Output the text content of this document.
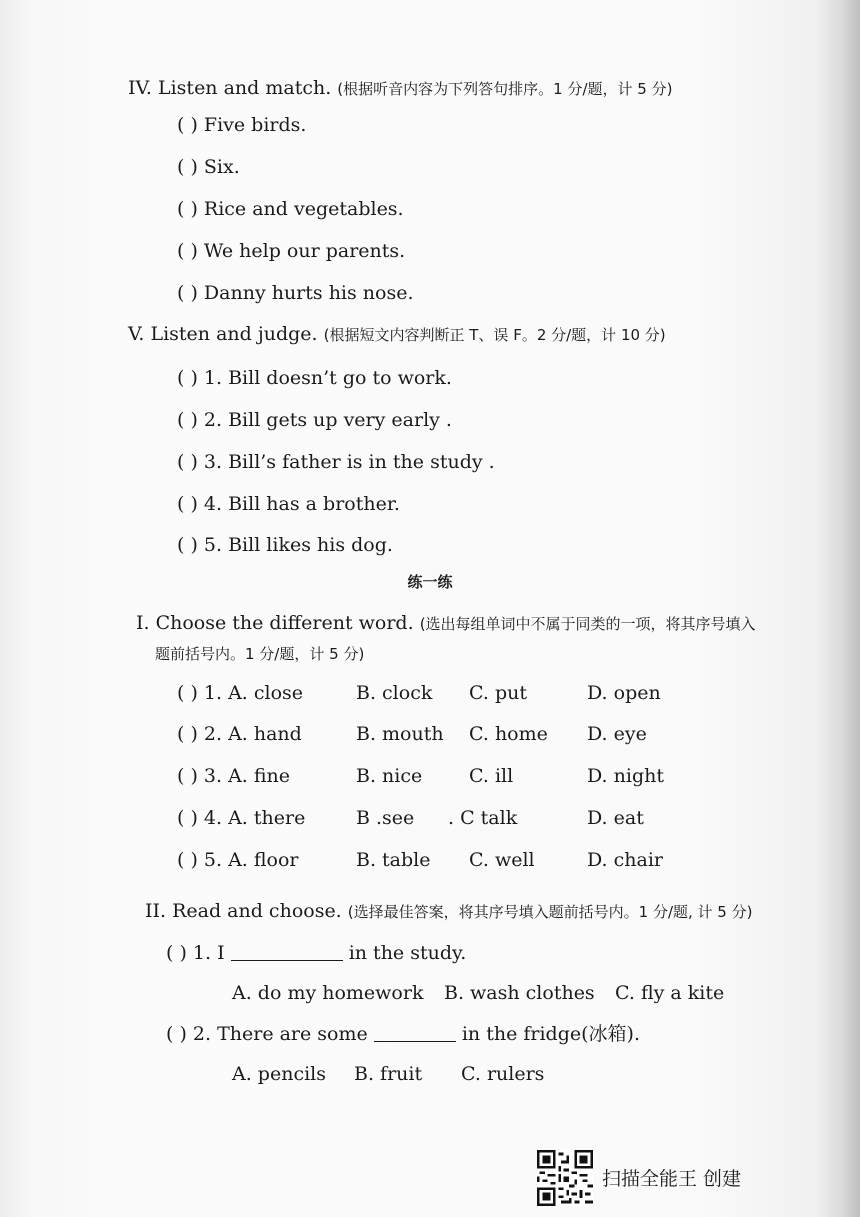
IV. Listen and match. (根据听音内容为下列答句排序。1 分/题，计 5 分)
( ) Five birds.
( ) Six.
( ) Rice and vegetables.
( ) We help our parents.
( ) Danny hurts his nose.
V. Listen and judge. (根据短文内容判断正 T、误 F。2 分/题，计 10 分)
( ) 1. Bill doesn’t go to work.
( ) 2. Bill gets up very early .
( ) 3. Bill’s father is in the study .
( ) 4. Bill has a brother.
( ) 5. Bill likes his dog.
练一练
I. Choose the different word. (选出每组单词中不属于同类的一项，将其序号填入
题前括号内。1 分/题，计 5 分)
( ) 1. A. close	B. clock C. put	D. open
( ) 2. A. hand	B. mouth C. home D. eye
( ) 3. A. fine	B. nice C. ill	D. night
( ) 4. A. there	B .see . C talk	D. eat
( ) 5. A. floor	B. table C. well	D. chair
II. Read and choose. (选择最佳答案，将其序号填入题前括号内。1 分/题, 计 5 分)
( ) 1. I	in the study.
A. do my homework B. wash clothes C. fly a kite
( ) 2. There are some	in the fridge(冰箱).
A. pencils B. fruit C. rulers
扫描全能王 创建
